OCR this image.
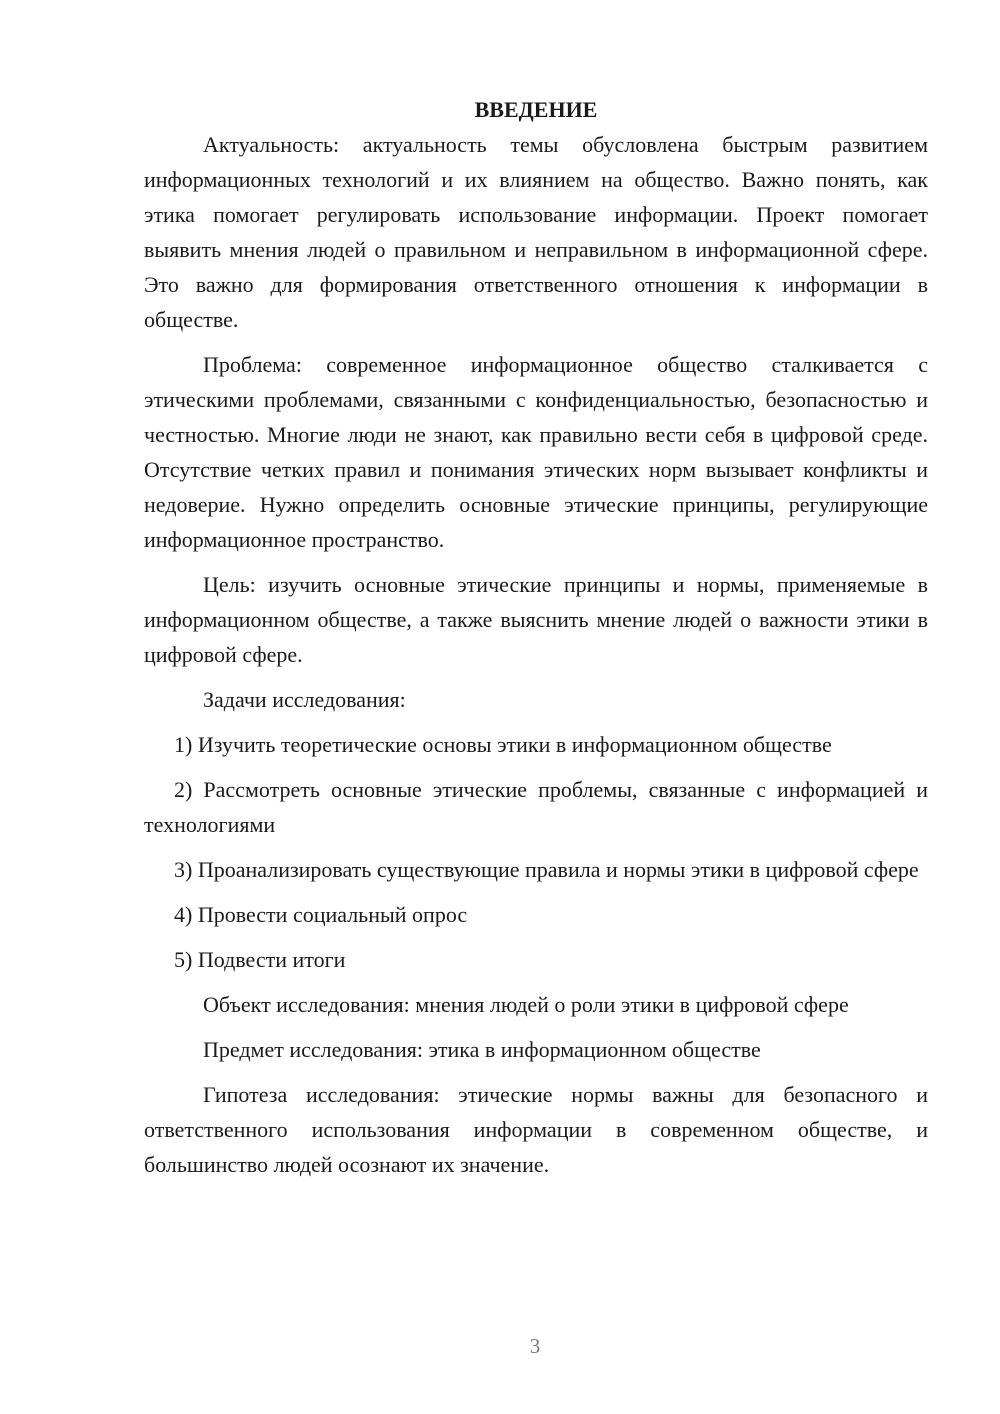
ВВЕДЕНИЕ

Актуальность: актуальность темы обусловлена быстрым развитием информационных технологий и их влиянием на общество. Важно понять, как этика помогает регулировать использование информации. Проект помогает выявить мнения людей о правильном и неправильном в информационной сфере. Это важно для формирования ответственного отношения к информации в обществе.

Проблема: современное информационное общество сталкивается с этическими проблемами, связанными с конфиденциальностью, безопасностью и честностью. Многие люди не знают, как правильно вести себя в цифровой среде. Отсутствие четких правил и понимания этических норм вызывает конфликты и недоверие. Нужно определить основные этические принципы, регулирующие информационное пространство.

Цель: изучить основные этические принципы и нормы, применяемые в информационном обществе, а также выяснить мнение людей о важности этики в цифровой сфере.

Задачи исследования:

1) Изучить теоретические основы этики в информационном обществе

2) Рассмотреть основные этические проблемы, связанные с информацией и технологиями

3) Проанализировать существующие правила и нормы этики в цифровой сфере

4) Провести социальный опрос

5) Подвести итоги

Объект исследования: мнения людей о роли этики в цифровой сфере

Предмет исследования: этика в информационном обществе

Гипотеза исследования: этические нормы важны для безопасного и ответственного использования информации в современном обществе, и большинство людей осознают их значение.

3
